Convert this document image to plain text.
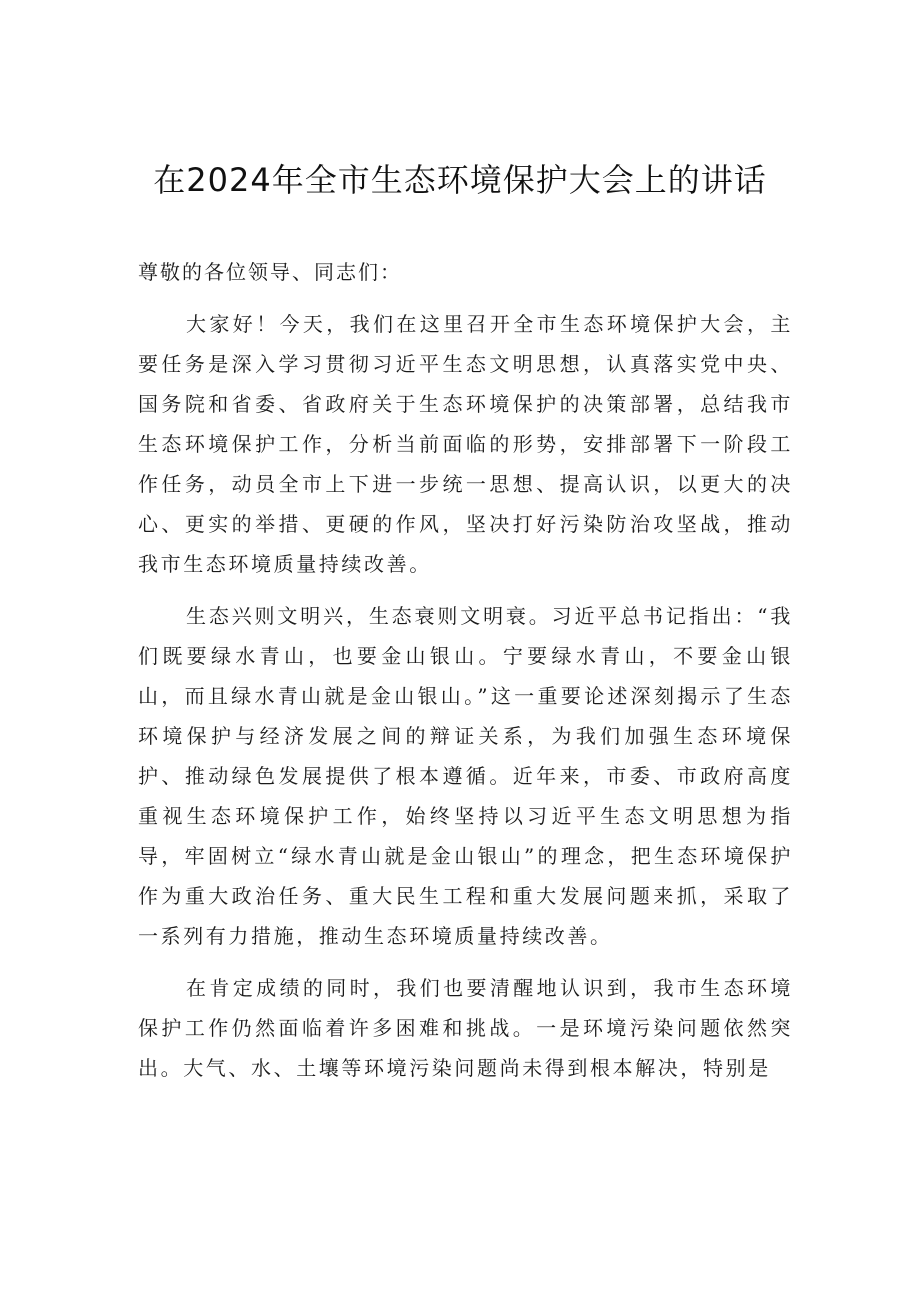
在2024年全市生态环境保护大会上的讲话

尊敬的各位领导、同志们：

大家好！今天，我们在这里召开全市生态环境保护大会，主要任务是深入学习贯彻习近平生态文明思想，认真落实党中央、国务院和省委、省政府关于生态环境保护的决策部署，总结我市生态环境保护工作，分析当前面临的形势，安排部署下一阶段工作任务，动员全市上下进一步统一思想、提高认识，以更大的决心、更实的举措、更硬的作风，坚决打好污染防治攻坚战，推动我市生态环境质量持续改善。

生态兴则文明兴，生态衰则文明衰。习近平总书记指出：“我们既要绿水青山，也要金山银山。宁要绿水青山，不要金山银山，而且绿水青山就是金山银山。”这一重要论述深刻揭示了生态环境保护与经济发展之间的辩证关系，为我们加强生态环境保护、推动绿色发展提供了根本遵循。近年来，市委、市政府高度重视生态环境保护工作，始终坚持以习近平生态文明思想为指导，牢固树立“绿水青山就是金山银山”的理念，把生态环境保护作为重大政治任务、重大民生工程和重大发展问题来抓，采取了一系列有力措施，推动生态环境质量持续改善。

在肯定成绩的同时，我们也要清醒地认识到，我市生态环境保护工作仍然面临着许多困难和挑战。一是环境污染问题依然突出。大气、水、土壤等环境污染问题尚未得到根本解决，特别是
